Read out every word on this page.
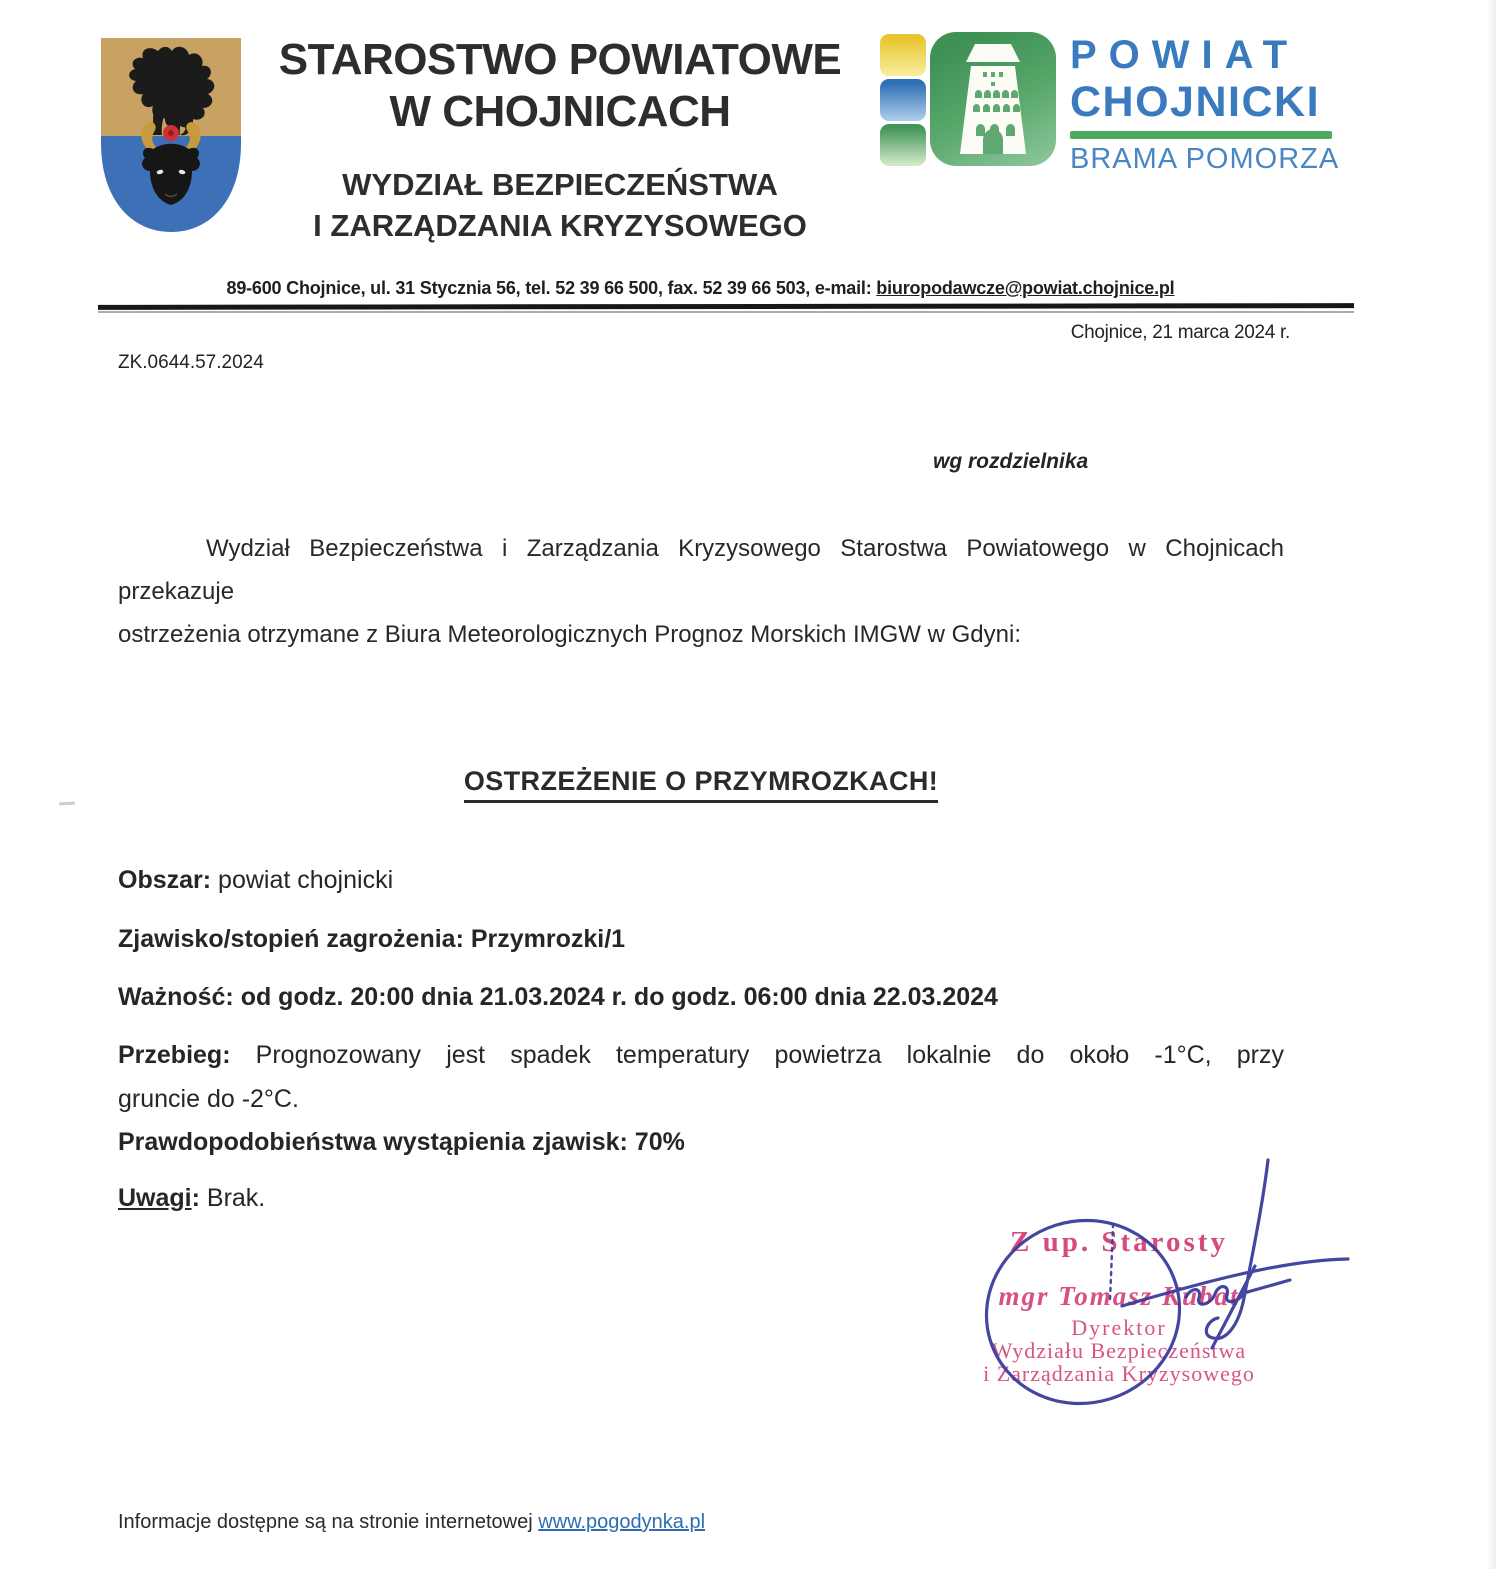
STAROSTWO POWIATOWE
W CHOJNICACH
WYDZIAŁ BEZPIECZEŃSTWA
I ZARZĄDZANIA KRYZYSOWEGO
POWIAT
CHOJNICKI
BRAMA POMORZA
89-600 Chojnice, ul. 31 Stycznia 56, tel. 52 39 66 500, fax. 52 39 66 503, e-mail: biuropodawcze@powiat.chojnice.pl
Chojnice, 21 marca 2024 r.
ZK.0644.57.2024
wg rozdzielnika
Wydział Bezpieczeństwa i Zarządzania Kryzysowego Starostwa Powiatowego w Chojnicach przekazuje
ostrzeżenia otrzymane z Biura Meteorologicznych Prognoz Morskich IMGW w Gdyni:
OSTRZEŻENIE O PRZYMROZKACH!
Obszar: powiat chojnicki
Zjawisko/stopień zagrożenia: Przymrozki/1
Ważność: od godz. 20:00 dnia 21.03.2024 r. do godz. 06:00 dnia 22.03.2024
Przebieg: Prognozowany jest spadek temperatury powietrza lokalnie do około -1°C, przy
gruncie do -2°C.
Prawdopodobieństwa wystąpienia zjawisk: 70%
Uwagi: Brak.
Z up. Starosty
mgr Tomasz Kubat
Dyrektor
Wydziału Bezpieczeństwa
i Zarządzania Kryzysowego
Informacje dostępne są na stronie internetowej www.pogodynka.pl
